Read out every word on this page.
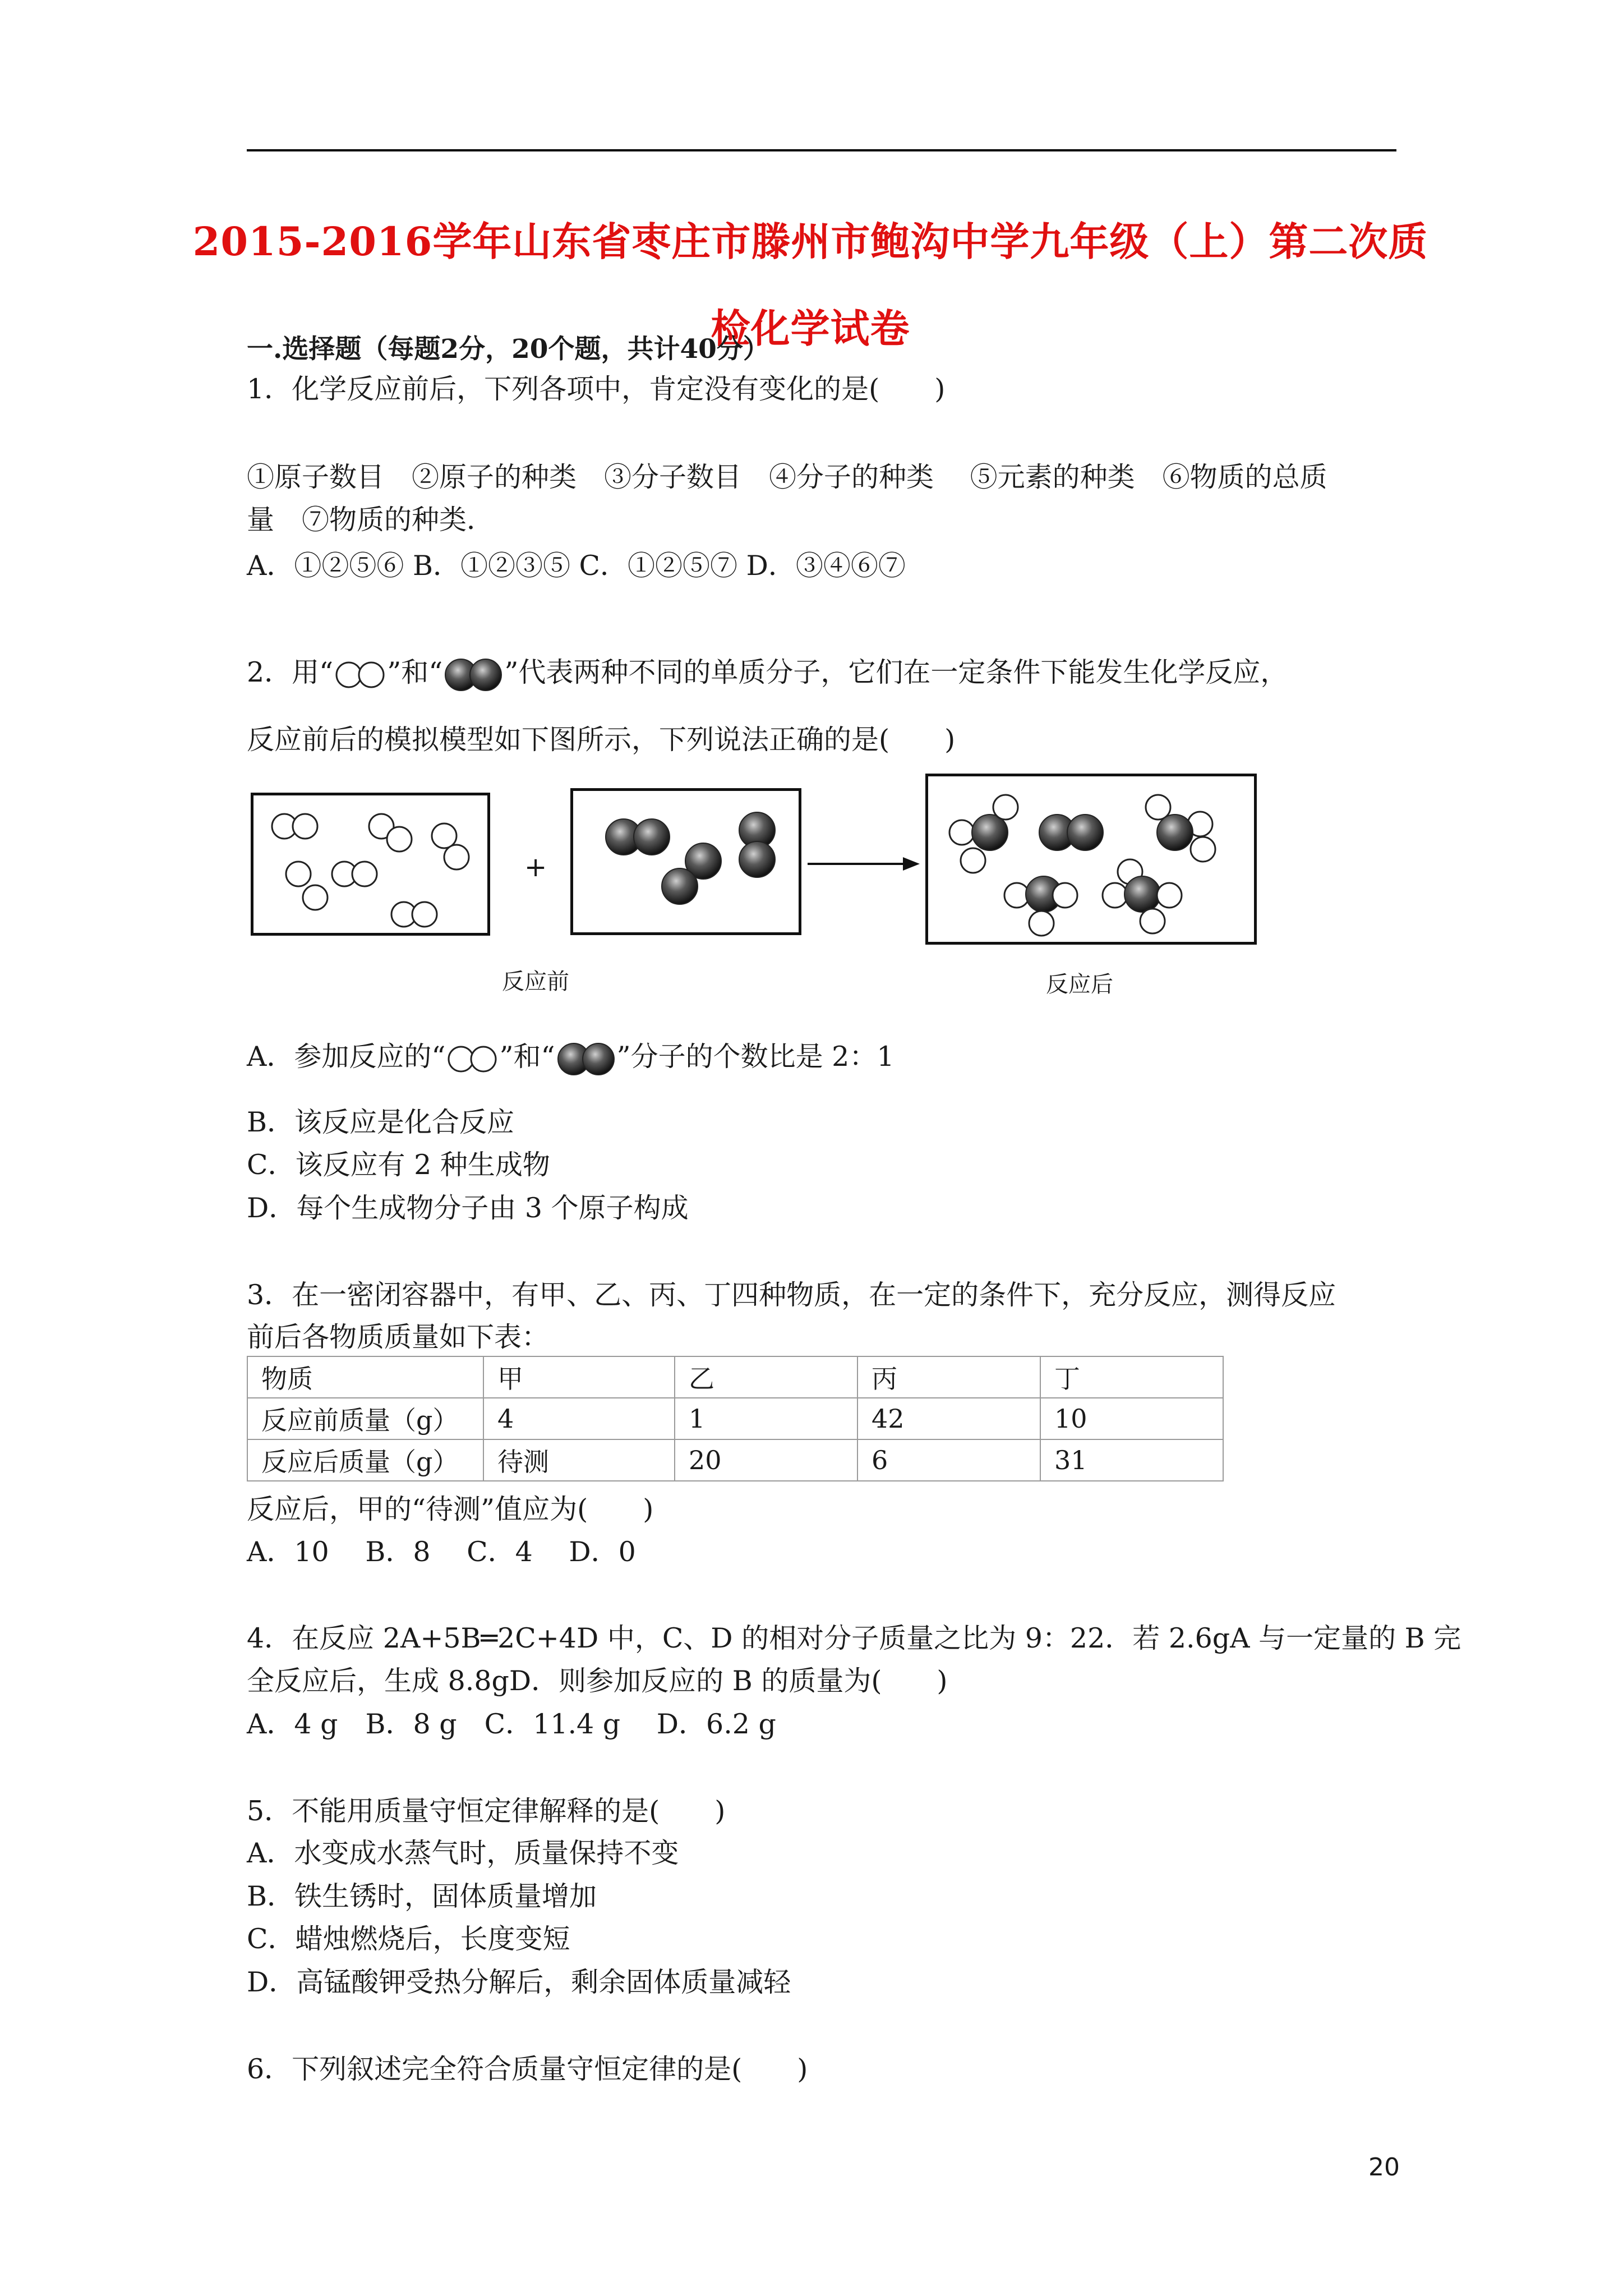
2015-2016学年山东省枣庄市滕州市鲍沟中学九年级（上）第二次质
检化学试卷
一.选择题（每题2分，20个题，共计40分）
1．化学反应前后，下列各项中，肯定没有变化的是(　　)
①原子数目　②原子的种类　③分子数目　④分子的种类　 ⑤元素的种类　⑥物质的总质
量　⑦物质的种类．
A．①②⑤⑥ B．①②③⑤ C．①②⑤⑦ D．③④⑥⑦
2．用“ ”和“ ”代表两种不同的单质分子，它们在一定条件下能发生化学反应，
反应前后的模拟模型如下图所示，下列说法正确的是(　　)
+
反应前	反应后
A．参加反应的“ ”和“ ”分子的个数比是 2：1
B．该反应是化合反应
C．该反应有 2 种生成物
D．每个生成物分子由 3 个原子构成
3．在一密闭容器中，有甲、乙、丙、丁四种物质，在一定的条件下，充分反应，测得反应
前后各物质质量如下表：
物质	甲	乙	丙	丁
反应前质量（g）	4	1	42	10
反应后质量（g）	待测	20	6	31
反应后，甲的“待测”值应为(　　)
A．10　 B．8　 C．4　 D．0
4．在反应 2A+5B═2C+4D 中，C、D 的相对分子质量之比为 9：22．若 2.6gA 与一定量的 B 完
全反应后，生成 8.8gD．则参加反应的 B 的质量为(　　)
A．4 g　B．8 g　C．11.4 g　 D．6.2 g
5．不能用质量守恒定律解释的是(　　)
A．水变成水蒸气时，质量保持不变
B．铁生锈时，固体质量增加
C．蜡烛燃烧后，长度变短
D．高锰酸钾受热分解后，剩余固体质量减轻
6．下列叙述完全符合质量守恒定律的是(　　)
20
